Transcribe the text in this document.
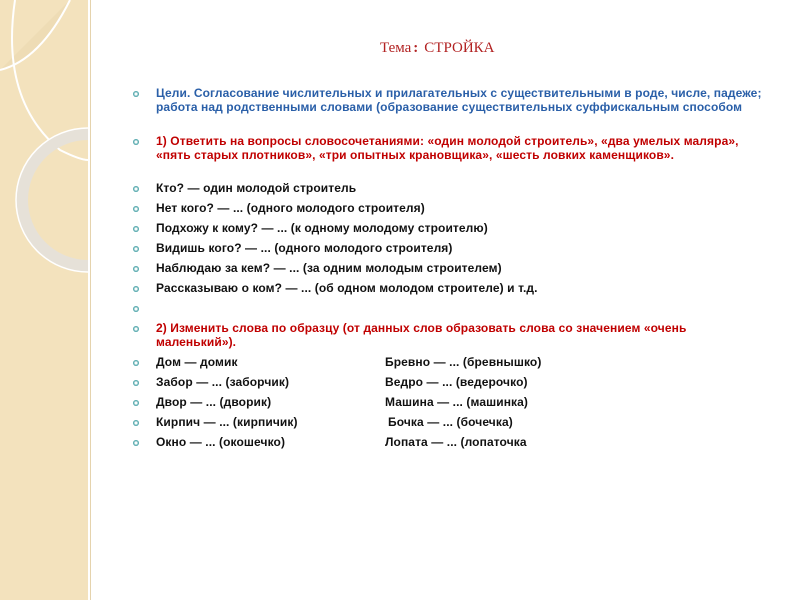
Тема : СТРОЙКА
Цели. Согласование числительных и прилагательных с существительными в роде, числе, падеже; работа над родственными словами (образование существительных суффискальным способом
1) Ответить на вопросы словосочетаниями: «один молодой строитель», «два умелых маляра», «пять старых плотников», «три опытных крановщика», «шесть ловких каменщиков».
Кто? — один молодой строитель
Нет кого? — ... (одного молодого строителя)
Подхожу к кому? — ... (к одному молодому строителю)
Видишь кого? — ... (одного молодого строителя)
Наблюдаю за кем? — ... (за одним молодым строителем)
Рассказываю о ком? — ... (об одном молодом строителе) и т.д.
2) Изменить слова по образцу (от данных слов образовать слова со значением «очень маленький»).
Дом — домик	Бревно — ... (бревнышко)
Забор — ... (заборчик)	Ведро — ... (ведерочко)
Двор — ... (дворик)	Машина — ... (машинка)
Кирпич — ... (кирпичик)	Бочка — ... (бочечка)
Окно — ... (окошечко)	Лопата — ... (лопаточка
